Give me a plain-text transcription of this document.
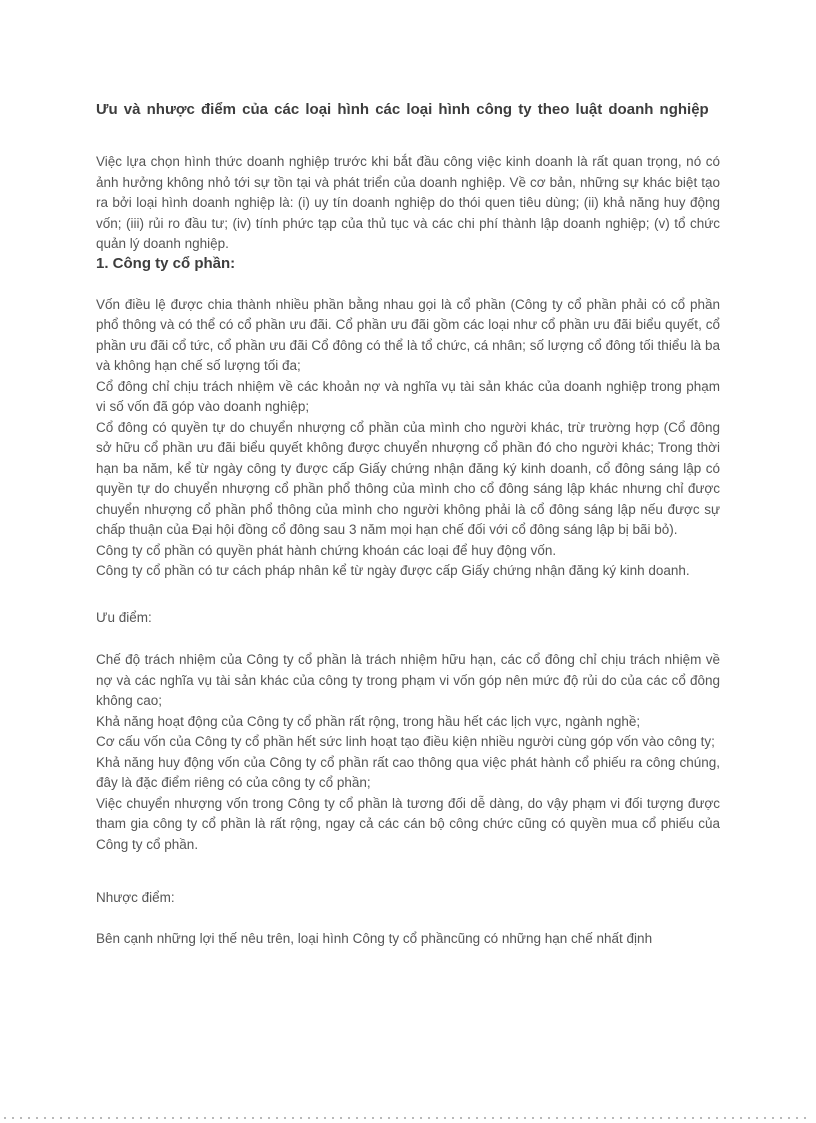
Ưu và nhược điểm của các loại hình các loại hình công ty theo luật doanh nghiệp

Việc lựa chọn hình thức doanh nghiệp trước khi bắt đầu công việc kinh doanh là rất quan trọng, nó có ảnh hưởng không nhỏ tới sự tồn tại và phát triển của doanh nghiệp. Về cơ bản, những sự khác biệt tạo ra bởi loại hình doanh nghiệp là: (i) uy tín doanh nghiệp do thói quen tiêu dùng; (ii) khả năng huy động vốn; (iii) rủi ro đầu tư; (iv) tính phức tạp của thủ tục và các chi phí thành lập doanh nghiệp; (v) tổ chức quản lý doanh nghiệp.

1. Công ty cổ phần:

Vốn điều lệ được chia thành nhiều phần bằng nhau gọi là cổ phần (Công ty cổ phần phải có cổ phần phổ thông và có thể có cổ phần ưu đãi. Cổ phần ưu đãi gồm các loại như cổ phần ưu đãi biểu quyết, cổ phần ưu đãi cổ tức, cổ phần ưu đãi Cổ đông có thể là tổ chức, cá nhân; số lượng cổ đông tối thiểu là ba và không hạn chế số lượng tối đa;

Cổ đông chỉ chịu trách nhiệm về các khoản nợ và nghĩa vụ tài sản khác của doanh nghiệp trong phạm vi số vốn đã góp vào doanh nghiệp;

Cổ đông có quyền tự do chuyển nhượng cổ phần của mình cho người khác, trừ trường hợp (Cổ đông sở hữu cổ phần ưu đãi biểu quyết không được chuyển nhượng cổ phần đó cho người khác; Trong thời hạn ba năm, kể từ ngày công ty được cấp Giấy chứng nhận đăng ký kinh doanh, cổ đông sáng lập có quyền tự do chuyển nhượng cổ phần phổ thông của mình cho cổ đông sáng lập khác nhưng chỉ được chuyển nhượng cổ phần phổ thông của mình cho người không phải là cổ đông sáng lập nếu được sự chấp thuận của Đại hội đồng cổ đông sau 3 năm mọi hạn chế đối với cổ đông sáng lập bị bãi bỏ).

Công ty cổ phần có quyền phát hành chứng khoán các loại để huy động vốn.

Công ty cổ phần có tư cách pháp nhân kể từ ngày được cấp Giấy chứng nhận đăng ký kinh doanh.

Ưu điểm:

Chế độ trách nhiệm của Công ty cổ phần là trách nhiệm hữu hạn, các cổ đông chỉ chịu trách nhiệm về nợ và các nghĩa vụ tài sản khác của công ty trong phạm vi vốn góp nên mức độ rủi do của các cổ đông không cao;

Khả năng hoạt động của Công ty cổ phần rất rộng, trong hầu hết các lịch vực, ngành nghề;

Cơ cấu vốn của Công ty cổ phần hết sức linh hoạt tạo điều kiện nhiều người cùng góp vốn vào công ty;

Khả năng huy động vốn của Công ty cổ phần rất cao thông qua việc phát hành cổ phiếu ra công chúng, đây là đặc điểm riêng có của công ty cổ phần;

Việc chuyển nhượng vốn trong Công ty cổ phần là tương đối dễ dàng, do vậy phạm vi đối tượng được tham gia công ty cổ phần là rất rộng, ngay cả các cán bộ công chức cũng có quyền mua cổ phiếu của Công ty cổ phần.

Nhược điểm:

Bên cạnh những lợi thế nêu trên, loại hình Công ty cổ phầncũng có những hạn chế nhất định
